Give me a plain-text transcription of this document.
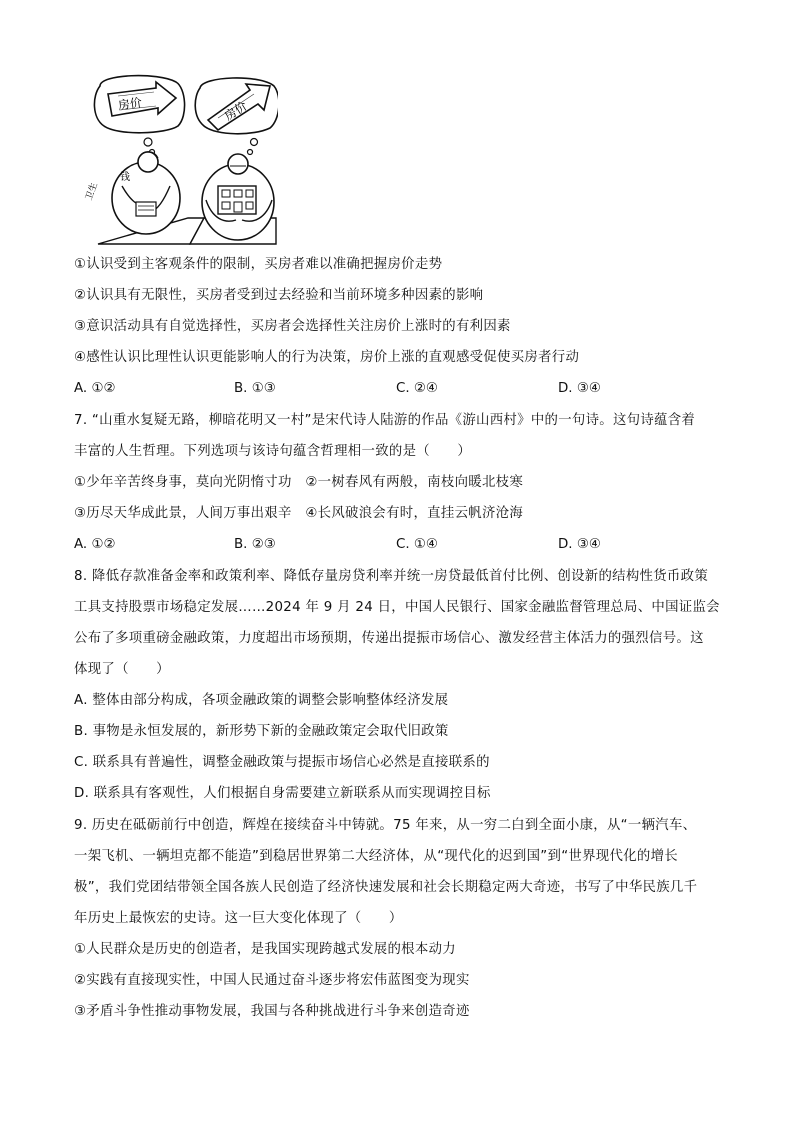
房价
钱
卫生
房价
①认识受到主客观条件的限制，买房者难以准确把握房价走势
②认识具有无限性，买房者受到过去经验和当前环境多种因素的影响
③意识活动具有自觉选择性，买房者会选择性关注房价上涨时的有利因素
④感性认识比理性认识更能影响人的行为决策，房价上涨的直观感受促使买房者行动
A. ①②	B. ①③	C. ②④	D. ③④
7. “山重水复疑无路，柳暗花明又一村”是宋代诗人陆游的作品《游山西村》中的一句诗。这句诗蕴含着
丰富的人生哲理。下列选项与该诗句蕴含哲理相一致的是（　　）
①少年辛苦终身事，莫向光阴惰寸功　②一树春风有两般，南枝向暖北枝寒
③历尽天华成此景，人间万事出艰辛　④长风破浪会有时，直挂云帆济沧海
A. ①②	B. ②③	C. ①④	D. ③④
8. 降低存款准备金率和政策利率、降低存量房贷利率并统一房贷最低首付比例、创设新的结构性货币政策
工具支持股票市场稳定发展……2024 年 9 月 24 日，中国人民银行、国家金融监督管理总局、中国证监会
公布了多项重磅金融政策，力度超出市场预期，传递出提振市场信心、激发经营主体活力的强烈信号。这
体现了（　　）
A. 整体由部分构成，各项金融政策的调整会影响整体经济发展
B. 事物是永恒发展的，新形势下新的金融政策定会取代旧政策
C. 联系具有普遍性，调整金融政策与提振市场信心必然是直接联系的
D. 联系具有客观性，人们根据自身需要建立新联系从而实现调控目标
9. 历史在砥砺前行中创造，辉煌在接续奋斗中铸就。75 年来，从一穷二白到全面小康，从“一辆汽车、
一架飞机、一辆坦克都不能造”到稳居世界第二大经济体，从“现代化的迟到国”到“世界现代化的增长
极”，我们党团结带领全国各族人民创造了经济快速发展和社会长期稳定两大奇迹，书写了中华民族几千
年历史上最恢宏的史诗。这一巨大变化体现了（　　）
①人民群众是历史的创造者，是我国实现跨越式发展的根本动力
②实践有直接现实性，中国人民通过奋斗逐步将宏伟蓝图变为现实
③矛盾斗争性推动事物发展，我国与各种挑战进行斗争来创造奇迹
